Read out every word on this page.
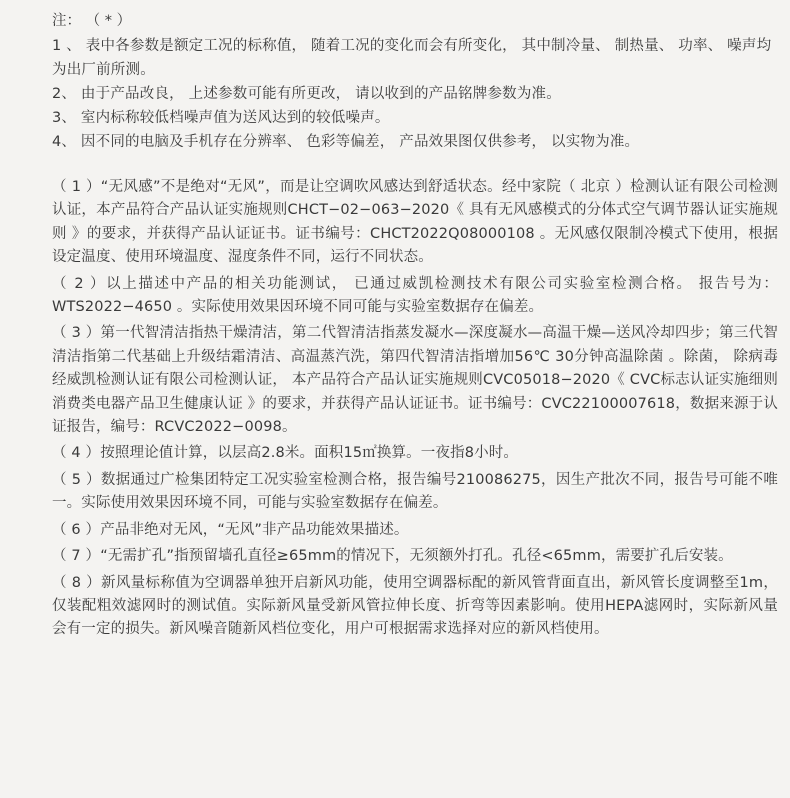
注： （ * ）
1 、 表中各参数是额定工况的标称值， 随着工况的变化而会有所变化， 其中制冷量、 制热量、 功率、 噪声均为出厂前所测。
2、 由于产品改良， 上述参数可能有所更改， 请以收到的产品铭牌参数为准。
3、 室内标称较低档噪声值为送风达到的较低噪声。
4、 因不同的电脑及手机存在分辨率、 色彩等偏差， 产品效果图仅供参考， 以实物为准。
（ 1 ）“无风感”不是绝对“无风”，而是让空调吹风感达到舒适状态。经中家院（ 北京 ）检测认证有限公司检测认证，本产品符合产品认证实施规则CHCT−02−063−2020《 具有无风感模式的分体式空气调节器认证实施规则 》的要求，并获得产品认证证书。证书编号：CHCT2022Q08000108 。无风感仅限制冷模式下使用，根据设定温度、使用环境温度、湿度条件不同，运行不同状态。
（ 2 ）以上描述中产品的相关功能测试， 已通过威凯检测技术有限公司实验室检测合格。 报告号为：WTS2022−4650 。实际使用效果因环境不同可能与实验室数据存在偏差。
（ 3 ）第一代智清洁指热干燥清洁，第二代智清洁指蒸发凝水—深度凝水—高温干燥—送风冷却四步；第三代智清洁指第二代基础上升级结霜清洁、高温蒸汽洗，第四代智清洁指增加56℃ 30分钟高温除菌 。除菌， 除病毒经威凯检测认证有限公司检测认证， 本产品符合产品认证实施规则CVC05018−2020《 CVC标志认证实施细则 消费类电器产品卫生健康认证 》的要求，并获得产品认证证书。证书编号：CVC22100007618，数据来源于认证报告，编号：RCVC2022−0098。
（ 4 ）按照理论值计算，以层高2.8米。面积15㎡换算。一夜指8小时。
（ 5 ）数据通过广检集团特定工况实验室检测合格，报告编号210086275，因生产批次不同，报告号可能不唯一。实际使用效果因环境不同，可能与实验室数据存在偏差。
（ 6 ）产品非绝对无风，“无风”非产品功能效果描述。
（ 7 ）“无需扩孔”指预留墙孔直径≥65mm的情况下，无须额外打孔。孔径<65mm，需要扩孔后安装。
（ 8 ）新风量标称值为空调器单独开启新风功能，使用空调器标配的新风管背面直出，新风管长度调整至1m，仅装配粗效滤网时的测试值。实际新风量受新风管拉伸长度、折弯等因素影响。使用HEPA滤网时，实际新风量会有一定的损失。新风噪音随新风档位变化，用户可根据需求选择对应的新风档使用。
